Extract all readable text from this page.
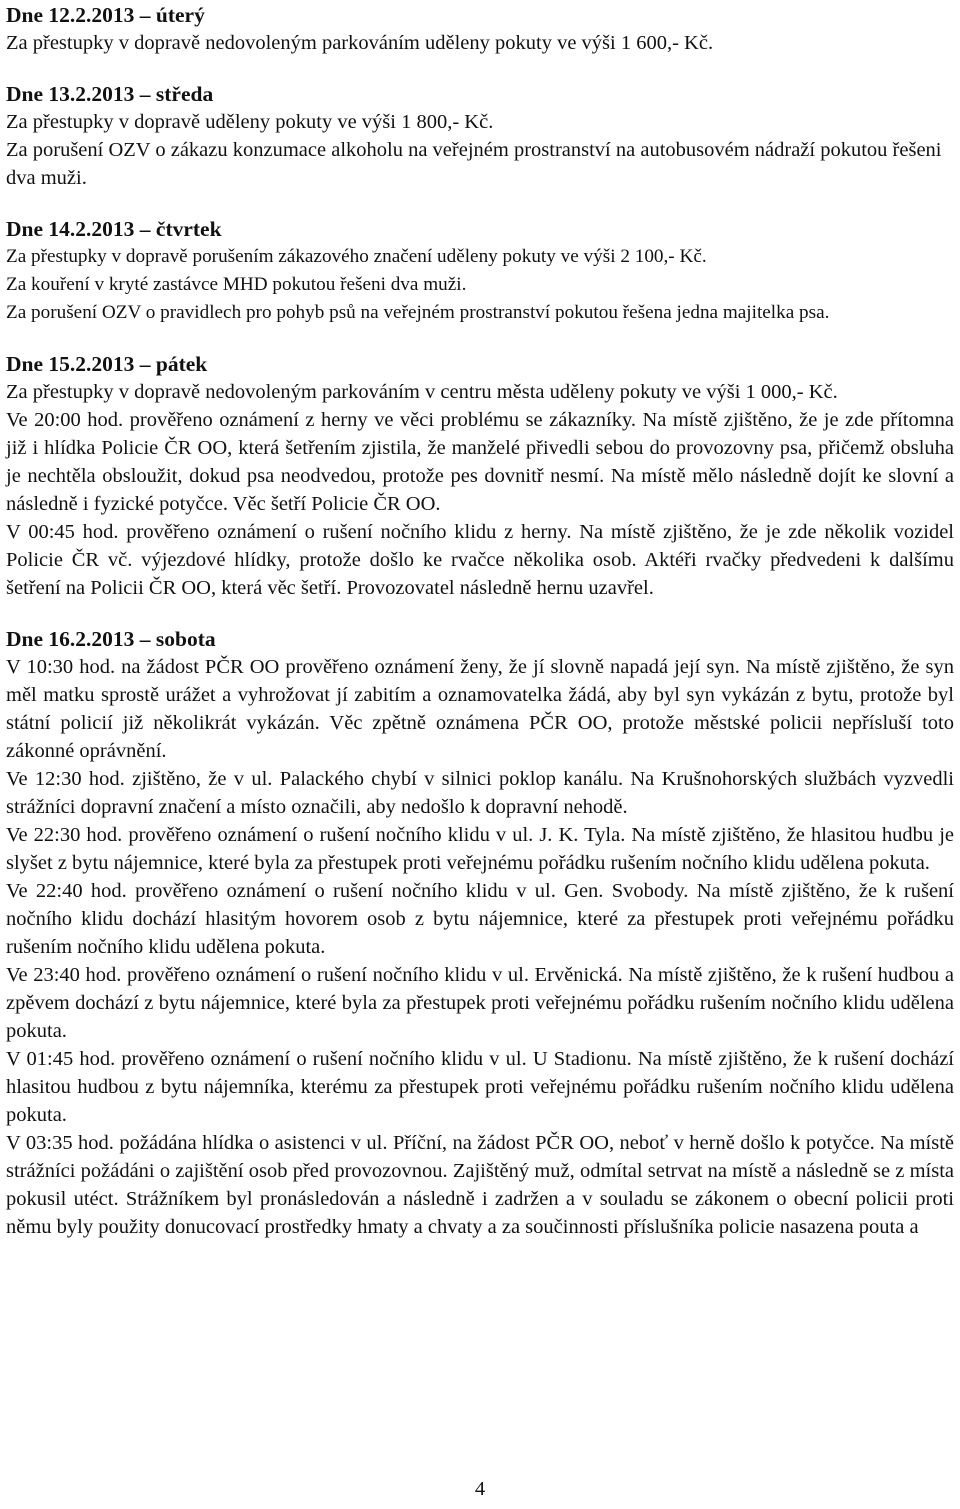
Dne 12.2.2013 – úterý

Za přestupky v dopravě nedovoleným parkováním uděleny pokuty ve výši 1 600,- Kč.

Dne 13.2.2013 – středa

Za přestupky v dopravě uděleny pokuty ve výši 1 800,- Kč.

Za porušení OZV o zákazu konzumace alkoholu na veřejném prostranství na autobusovém nádraží pokutou řešeni dva muži.

Dne 14.2.2013 – čtvrtek

Za přestupky v dopravě porušením zákazového značení uděleny pokuty ve výši 2 100,- Kč.

Za kouření v kryté zastávce MHD pokutou řešeni dva muži.

Za porušení OZV o pravidlech pro pohyb psů na veřejném prostranství pokutou řešena jedna majitelka psa.

Dne 15.2.2013 – pátek

Za přestupky v dopravě nedovoleným parkováním v centru města uděleny pokuty ve výši 1 000,- Kč.

Ve 20:00 hod. prověřeno oznámení z herny ve věci problému se zákazníky. Na místě zjištěno, že je zde přítomna již i hlídka Policie ČR OO, která šetřením zjistila, že manželé přivedli sebou do provozovny psa, přičemž obsluha je nechtěla obsloužit, dokud psa neodvedou, protože pes dovnitř nesmí. Na místě mělo následně dojít ke slovní a následně i fyzické potyčce. Věc šetří Policie ČR OO.

V 00:45 hod. prověřeno oznámení o rušení nočního klidu z herny. Na místě zjištěno, že je zde několik vozidel Policie ČR vč. výjezdové hlídky, protože došlo ke rvačce několika osob. Aktéři rvačky předvedeni k dalšímu šetření na Policii ČR OO, která věc šetří. Provozovatel následně hernu uzavřel.

Dne 16.2.2013 – sobota

V 10:30 hod. na žádost PČR OO prověřeno oznámení ženy, že jí slovně napadá její syn. Na místě zjištěno, že syn měl matku sprostě urážet a vyhrožovat jí zabitím a oznamovatelka žádá, aby byl syn vykázán z bytu, protože byl státní policií již několikrát vykázán. Věc zpětně oznámena PČR OO, protože městské policii nepřísluší toto zákonné oprávnění.

Ve 12:30 hod. zjištěno, že v ul. Palackého chybí v silnici poklop kanálu. Na Krušnohorských službách vyzvedli strážníci dopravní značení a místo označili, aby nedošlo k dopravní nehodě.

Ve 22:30 hod. prověřeno oznámení o rušení nočního klidu v ul. J. K. Tyla. Na místě zjištěno, že hlasitou hudbu je slyšet z bytu nájemnice, které byla za přestupek proti veřejnému pořádku rušením nočního klidu udělena pokuta.

Ve 22:40 hod. prověřeno oznámení o rušení nočního klidu v ul. Gen. Svobody. Na místě zjištěno, že k rušení nočního klidu dochází hlasitým hovorem osob z bytu nájemnice, které za přestupek proti veřejnému pořádku rušením nočního klidu udělena pokuta.

Ve 23:40 hod. prověřeno oznámení o rušení nočního klidu v ul. Ervěnická. Na místě zjištěno, že k rušení hudbou a zpěvem dochází z bytu nájemnice, které byla za přestupek proti veřejnému pořádku rušením nočního klidu udělena pokuta.

V 01:45 hod. prověřeno oznámení o rušení nočního klidu v ul. U Stadionu. Na místě zjištěno, že k rušení dochází hlasitou hudbou z bytu nájemníka, kterému za přestupek proti veřejnému pořádku rušením nočního klidu udělena pokuta.

V 03:35 hod. požádána hlídka o asistenci v ul. Příční, na žádost PČR OO, neboť v herně došlo k potyčce. Na místě strážníci požádáni o zajištění osob před provozovnou. Zajištěný muž, odmítal setrvat na místě a následně se z místa pokusil utéct. Strážníkem byl pronásledován a následně i zadržen a v souladu se zákonem o obecní policii proti němu byly použity donucovací prostředky hmaty a chvaty a za součinnosti příslušníka policie nasazena pouta a

4
